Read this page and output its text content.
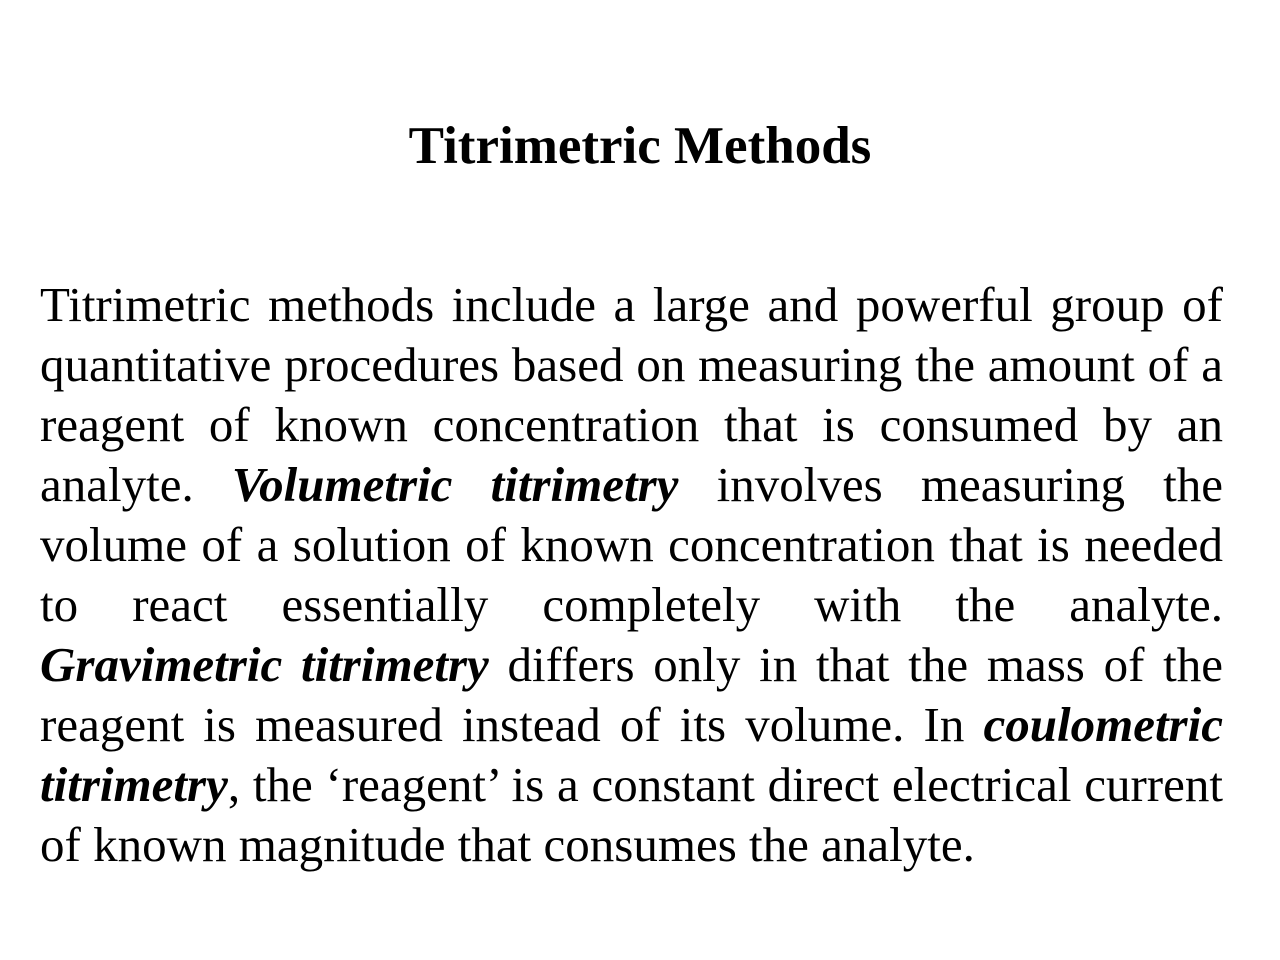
Titrimetric Methods

Titrimetric methods include a large and powerful group of quantitative procedures based on measuring the amount of a reagent of known concentration that is consumed by an analyte. Volumetric titrimetry involves measuring the volume of a solution of known concentration that is needed to react essentially completely with the analyte. Gravimetric titrimetry differs only in that the mass of the reagent is measured instead of its volume. In coulometric titrimetry, the ‘reagent’ is a constant direct electrical current of known magnitude that consumes the analyte.
